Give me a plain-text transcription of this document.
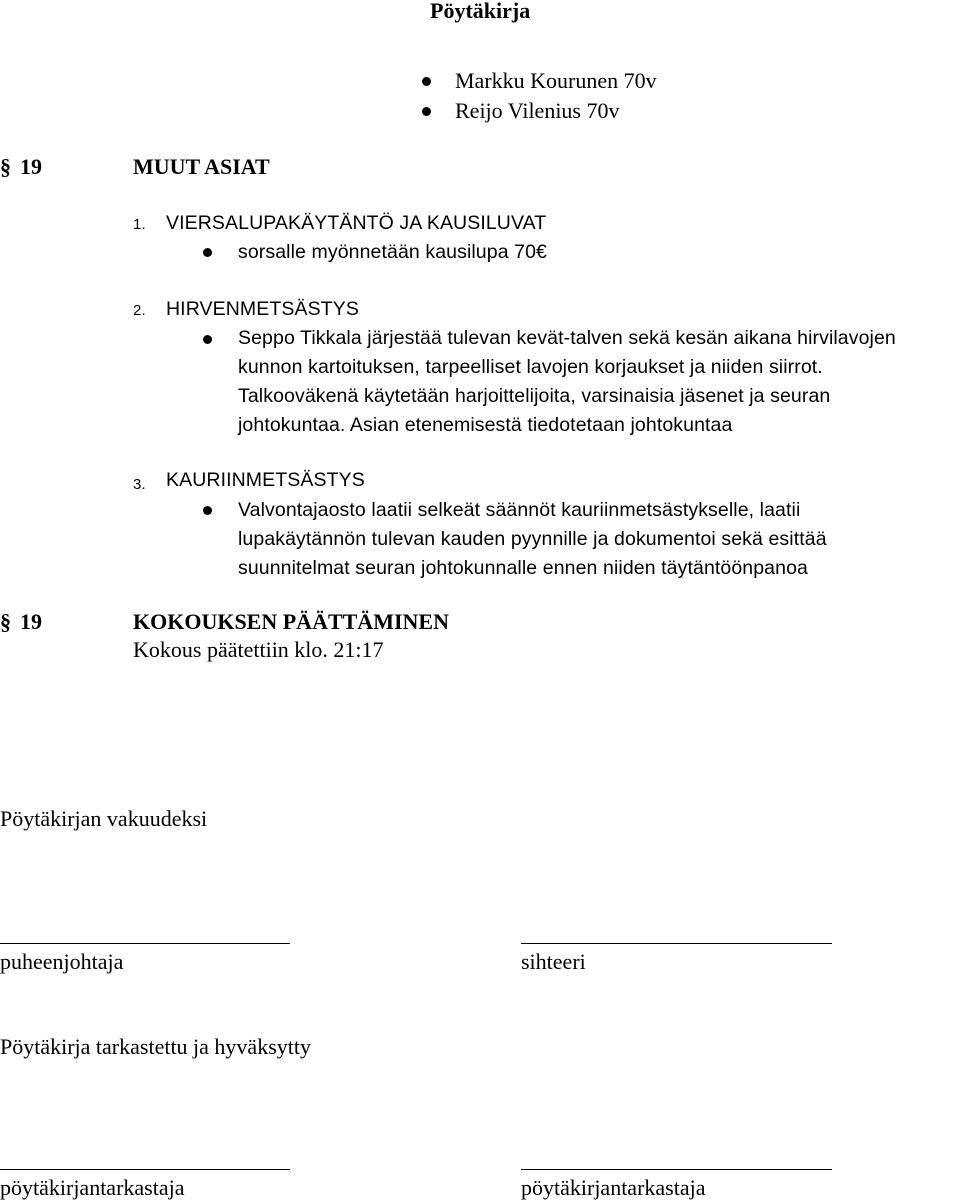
Pöytäkirja
Markku Kourunen 70v
Reijo Vilenius 70v
§ 19	MUUT ASIAT
1. VIERSALUPAKÄYTÄNTÖ JA KAUSILUVAT
sorsalle myönnetään kausilupa 70€
2. HIRVENMETSÄSTYS
Seppo Tikkala järjestää tulevan kevät-talven sekä kesän aikana hirvilavojen
kunnon kartoituksen, tarpeelliset lavojen korjaukset ja niiden siirrot.
Talkooväkenä käytetään harjoittelijoita, varsinaisia jäsenet ja seuran
johtokuntaa. Asian etenemisestä tiedotetaan johtokuntaa
3. KAURIINMETSÄSTYS
Valvontajaosto laatii selkeät säännöt kauriinmetsästykselle, laatii
lupakäytännön tulevan kauden pyynnille ja dokumentoi sekä esittää
suunnitelmat seuran johtokunnalle ennen niiden täytäntöönpanoa
§ 19	KOKOUKSEN PÄÄTTÄMINEN
Kokous päätettiin klo. 21:17
Pöytäkirjan vakuudeksi
puheenjohtaja	sihteeri
Pöytäkirja tarkastettu ja hyväksytty
pöytäkirjantarkastaja	pöytäkirjantarkastaja
